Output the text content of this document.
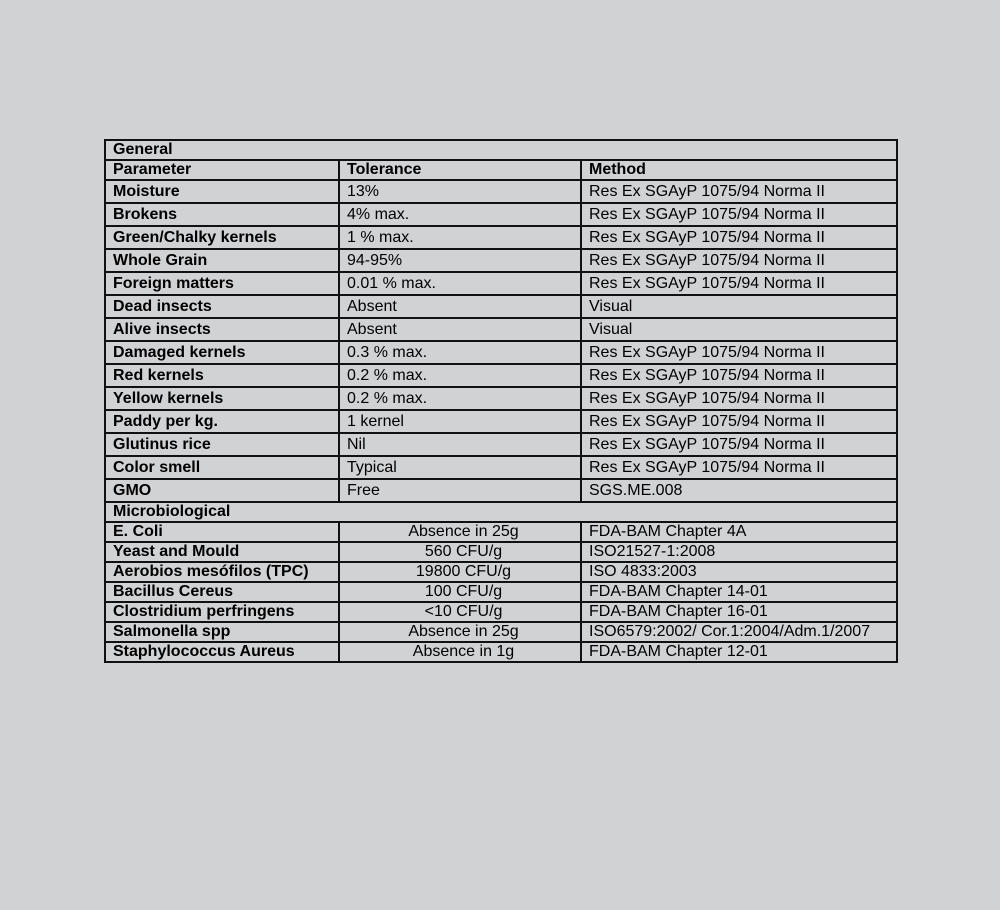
General		
Parameter	Tolerance	Method
Moisture	13%	Res Ex SGAyP 1075/94 Norma II
Brokens	4% max.	Res Ex SGAyP 1075/94 Norma II
Green/Chalky kernels	1 % max.	Res Ex SGAyP 1075/94 Norma II
Whole Grain	94-95%	Res Ex SGAyP 1075/94 Norma II
Foreign matters	0.01 % max.	Res Ex SGAyP 1075/94 Norma II
Dead insects	Absent	Visual
Alive insects	Absent	Visual
Damaged kernels	0.3 % max.	Res Ex SGAyP 1075/94 Norma II
Red kernels	0.2 % max.	Res Ex SGAyP 1075/94 Norma II
Yellow kernels	0.2 % max.	Res Ex SGAyP 1075/94 Norma II
Paddy per kg.	1 kernel	Res Ex SGAyP 1075/94 Norma II
Glutinus rice	Nil	Res Ex SGAyP 1075/94 Norma II
Color smell	Typical	Res Ex SGAyP 1075/94 Norma II
GMO	Free	SGS.ME.008
Microbiological		
E. Coli	Absence in 25g	FDA-BAM Chapter 4A
Yeast and Mould	560 CFU/g	ISO21527-1:2008
Aerobios mesófilos (TPC)	19800 CFU/g	ISO 4833:2003
Bacillus Cereus	100 CFU/g	FDA-BAM Chapter 14-01
Clostridium perfringens	<10 CFU/g	FDA-BAM Chapter 16-01
Salmonella spp	Absence in 25g	ISO6579:2002/ Cor.1:2004/Adm.1/2007
Staphylococcus Aureus	Absence in 1g	FDA-BAM Chapter 12-01
